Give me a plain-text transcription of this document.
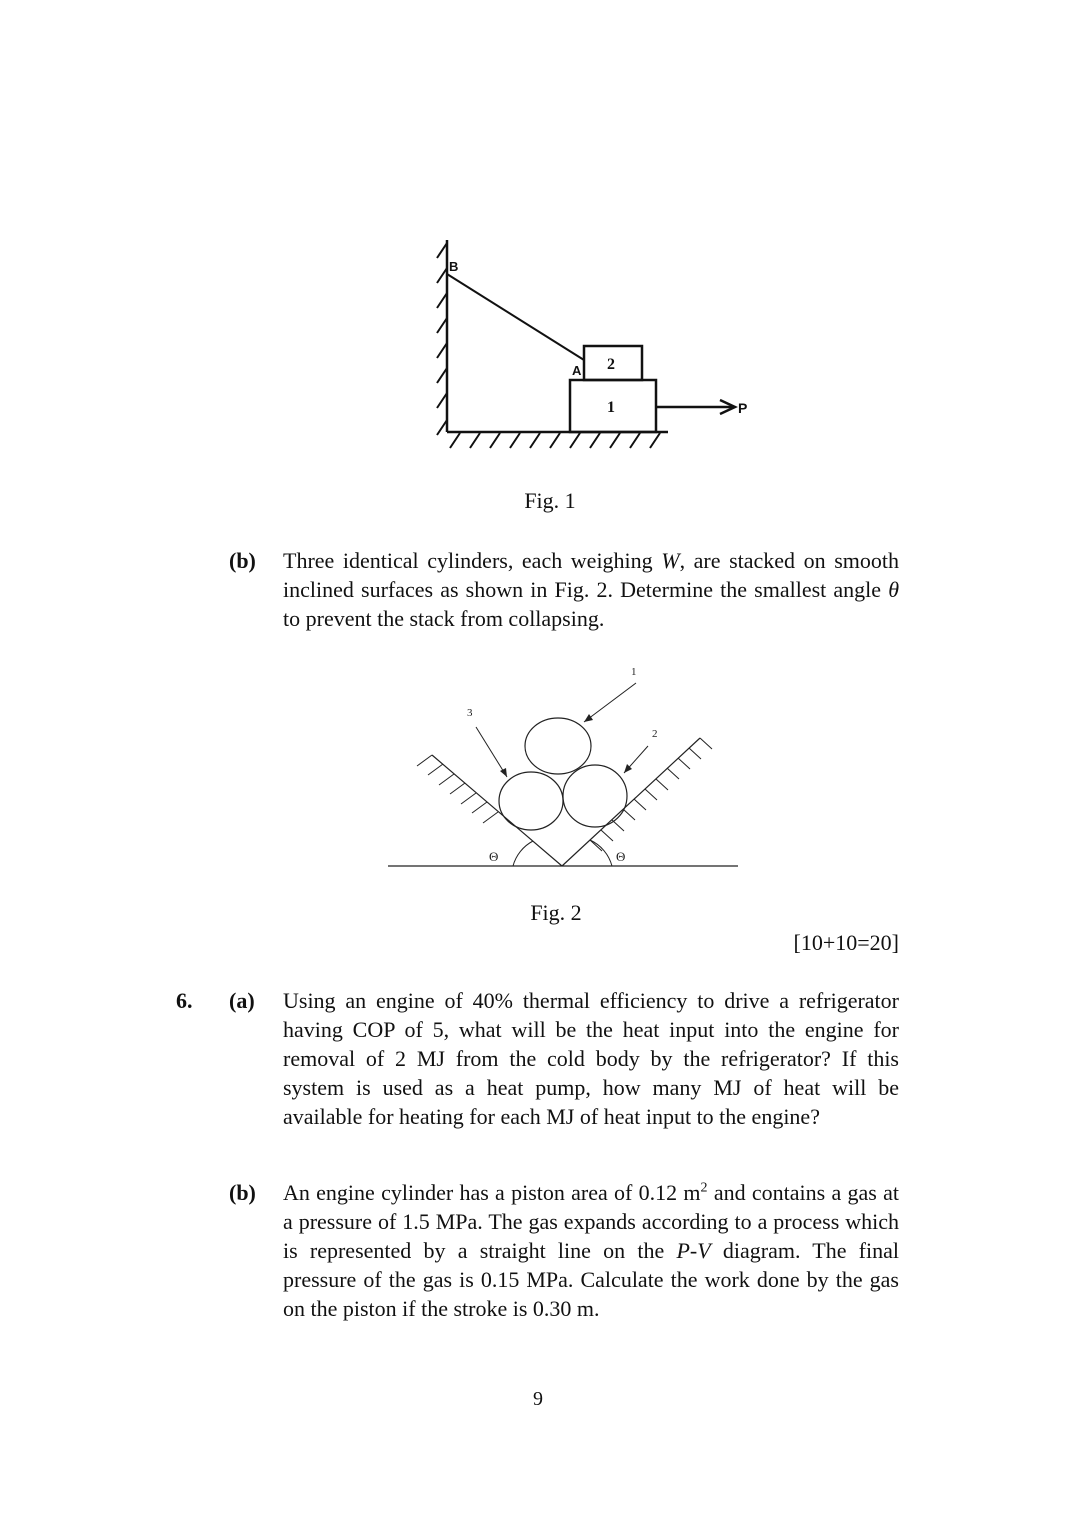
B
A 2
1	P
Fig. 1
(b) Three identical cylinders, each weighing W, are stacked on smooth inclined surfaces as shown in Fig. 2. Determine the smallest angle θ to prevent the stack from collapsing.
1
3
2
Θ	Θ
Fig. 2
[10+10=20]
6. (a) Using an engine of 40% thermal efficiency to drive a refrigerator having COP of 5, what will be the heat input into the engine for removal of 2 MJ from the cold body by the refrigerator? If this system is used as a heat pump, how many MJ of heat will be available for heating for each MJ of heat input to the engine?
(b) An engine cylinder has a piston area of 0.12 $m^2$ and contains a gas at a pressure of 1.5 MPa. The gas expands according to a process which is represented by a straight line on the P-V diagram. The final pressure of the gas is 0.15 MPa. Calculate the work done by the gas on the piston if the stroke is 0.30 m.
9
